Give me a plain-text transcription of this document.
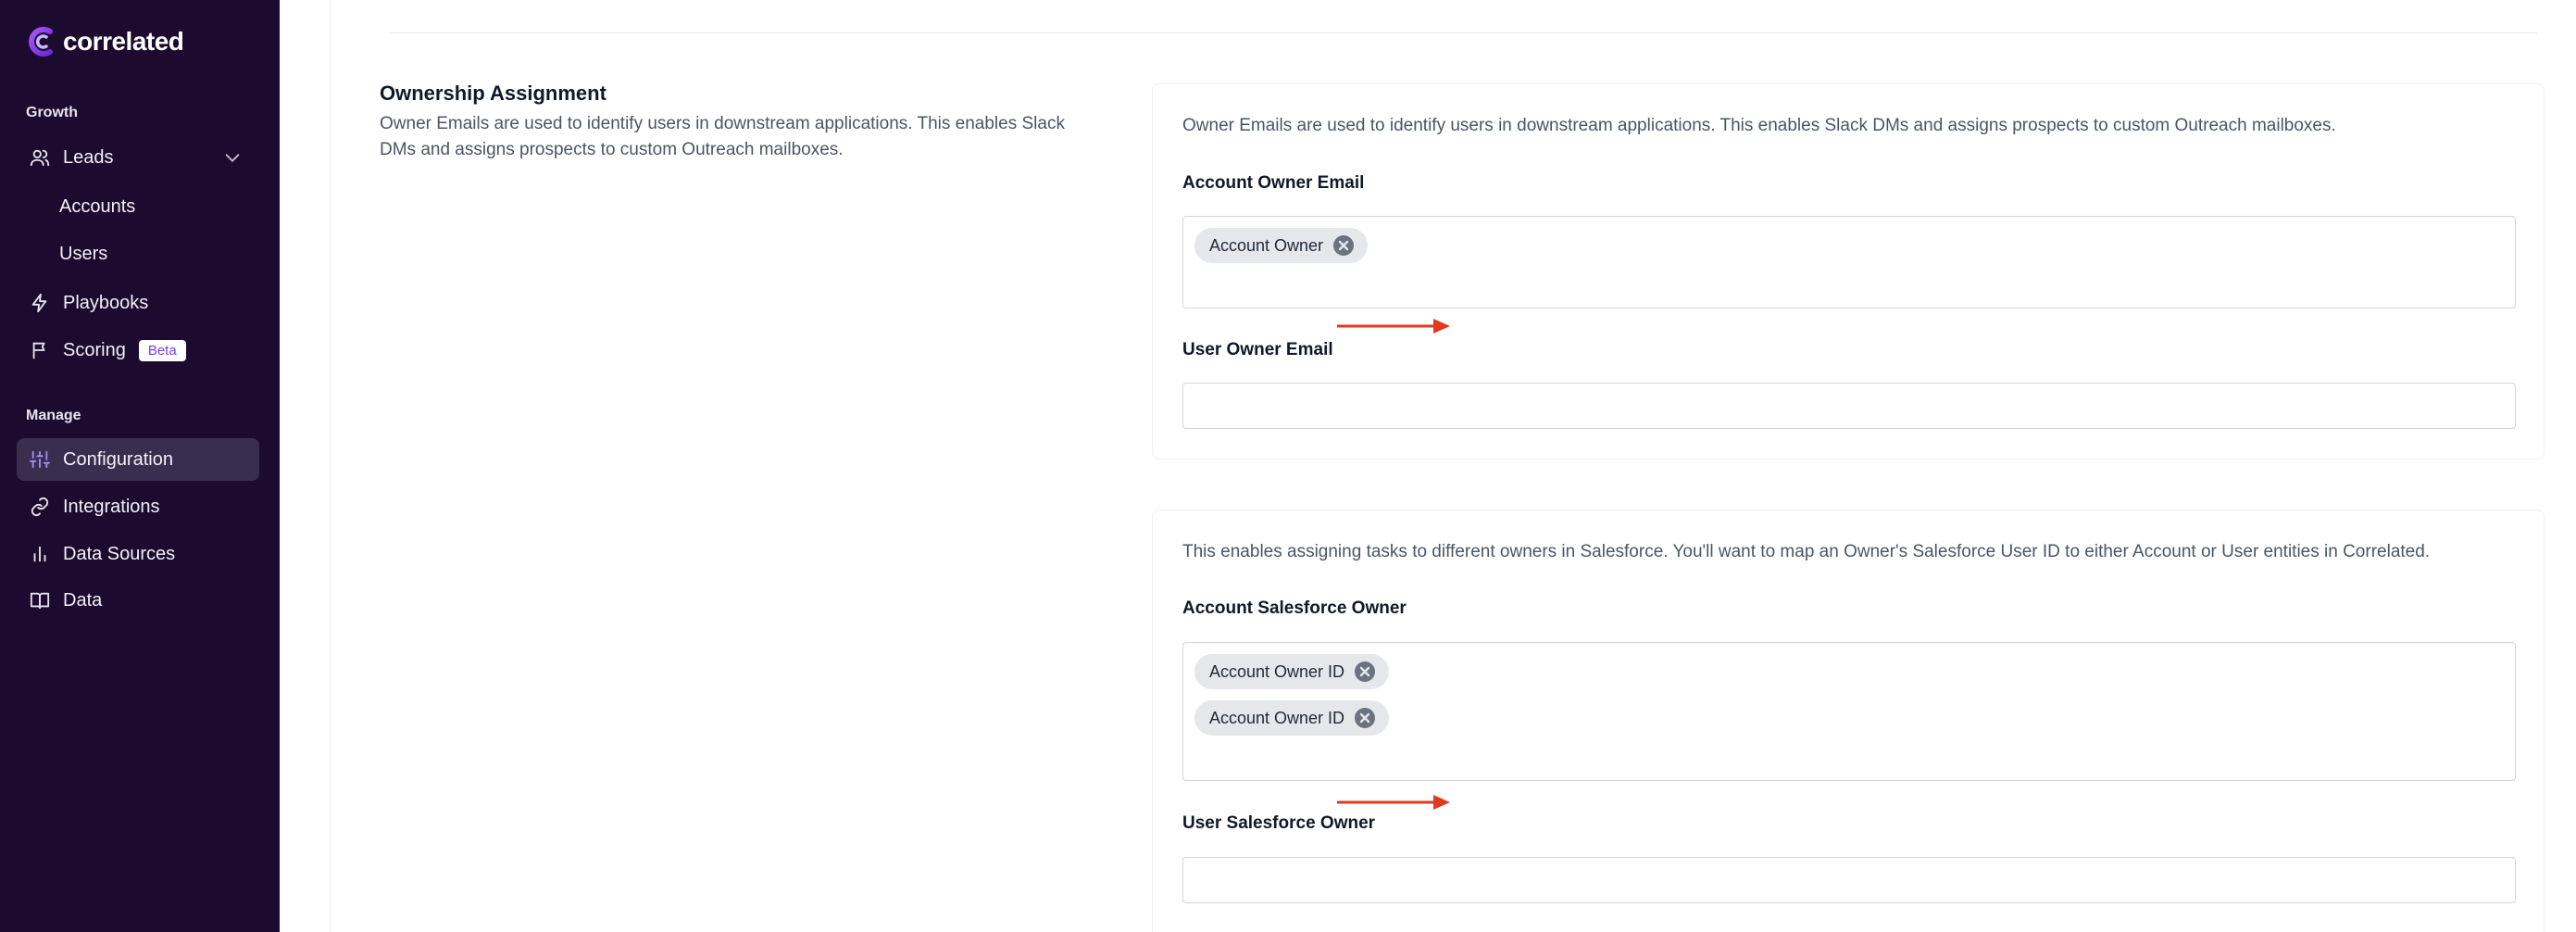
correlated
Growth
Leads
Accounts
Users
Playbooks
Scoring	Beta
Manage
Configuration
Integrations
Data Sources
Data
Ownership Assignment

Owner Emails are used to identify users in downstream applications. This enables Slack DMs and assigns prospects to custom Outreach mailboxes.

Owner Emails are used to identify users in downstream applications. This enables Slack DMs and assigns prospects to custom Outreach mailboxes.

Account Owner Email
Account Owner
User Owner Email

This enables assigning tasks to different owners in Salesforce. You'll want to map an Owner's Salesforce User ID to either Account or User entities in Correlated.

Account Salesforce Owner
Account Owner ID
Account Owner ID
User Salesforce Owner
